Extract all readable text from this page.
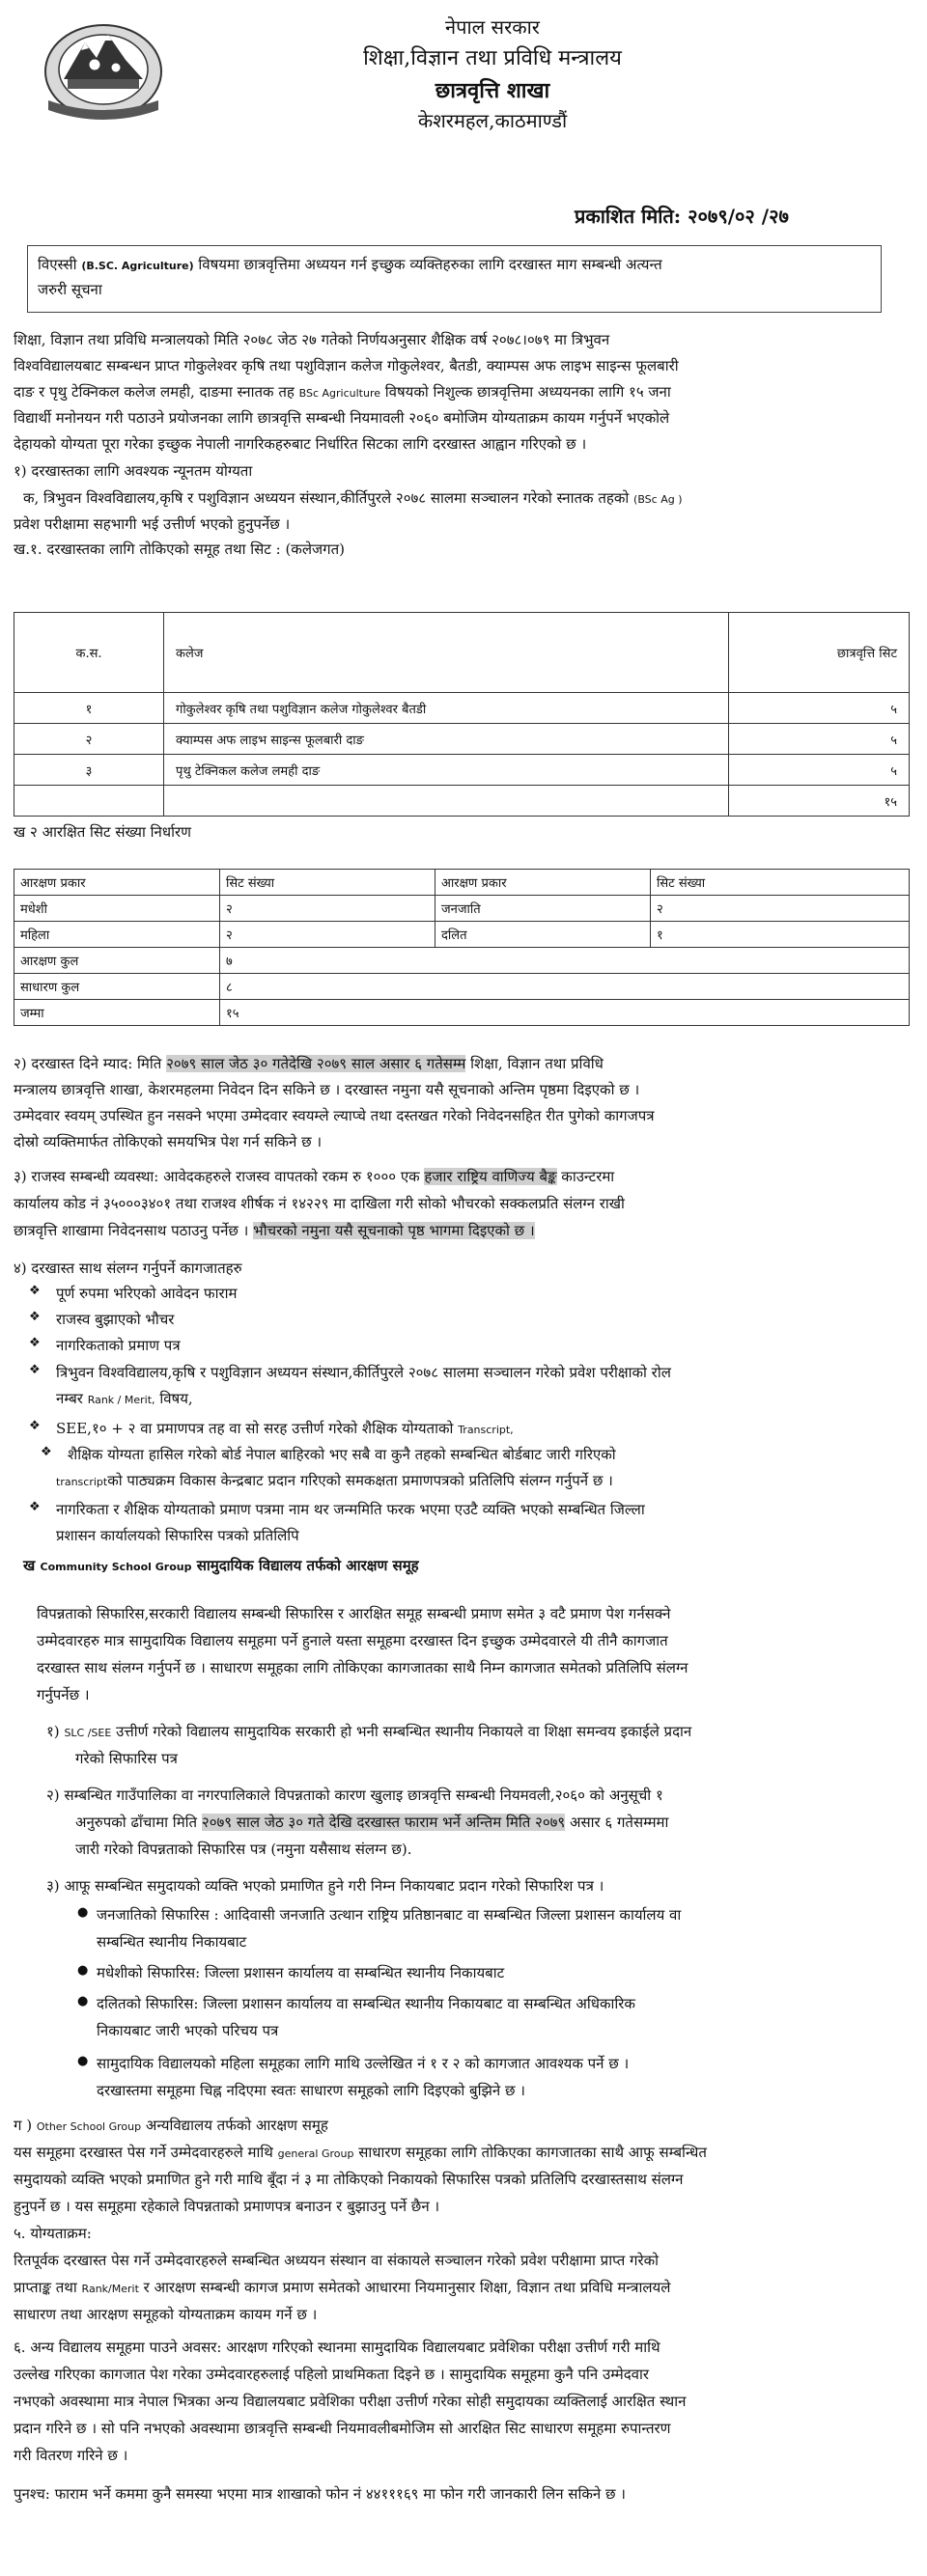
नेपाल सरकार
शिक्षा,विज्ञान तथा प्रविधि मन्त्रालय
छात्रवृत्ति शाखा
केशरमहल,काठमाण्डौं
प्रकाशित मिति: २०७९/०२ /२७
विएस्सी (B.SC. Agriculture) विषयमा छात्रवृत्तिमा अध्ययन गर्न इच्छुक व्यक्तिहरुका लागि दरखास्त माग सम्बन्धी अत्यन्त
जरुरी सूचना
शिक्षा, विज्ञान तथा प्रविधि मन्त्रालयको मिति २०७८ जेठ २७ गतेको निर्णयअनुसार शैक्षिक वर्ष २०७८।०७९ मा त्रिभुवन
विश्वविद्यालयबाट सम्बन्धन प्राप्त गोकुलेश्वर कृषि तथा पशुविज्ञान कलेज गोकुलेश्वर, बैतडी, क्याम्पस अफ लाइभ साइन्स फूलबारी
दाङ र पृथु टेक्निकल कलेज लमही, दाङमा स्नातक तह BSc Agriculture विषयको निशुल्क छात्रवृत्तिमा अध्ययनका लागि १५ जना
विद्यार्थी मनोनयन गरी पठाउने प्रयोजनका लागि छात्रवृत्ति सम्बन्धी नियमावली २०६० बमोजिम योग्यताक्रम कायम गर्नुपर्ने भएकोले
देहायको योग्यता पूरा गरेका इच्छुक नेपाली नागरिकहरुबाट निर्धारित सिटका लागि दरखास्त आह्वान गरिएको छ ।
१) दरखास्तका लागि अवश्यक न्यूनतम योग्यता
क, त्रिभुवन विश्वविद्यालय,कृषि र पशुविज्ञान अध्ययन संस्थान,कीर्तिपुरले २०७८ सालमा सञ्चालन गरेको स्नातक तहको (BSc Ag )
प्रवेश परीक्षामा सहभागी भई उत्तीर्ण भएको हुनुपर्नेछ ।
ख.१. दरखास्तका लागि तोकिएको समूह तथा सिट : (कलेजगत)
क.स.	कलेज	छात्रवृत्ति सिट
१	गोकुलेश्वर कृषि तथा पशुविज्ञान कलेज गोकुलेश्वर बैतडी	५
२	क्याम्पस अफ लाइभ साइन्स फूलबारी दाङ	५
३	पृथु टेक्निकल कलेज लमही दाङ	५
		१५
ख २ आरक्षित सिट संख्या निर्धारण
आरक्षण प्रकार	सिट संख्या	आरक्षण प्रकार	सिट संख्या
मधेशी	२	जनजाति	२
महिला	२	दलित	१
आरक्षण कुल	७		
साधारण कुल	८		
जम्मा	१५		
२) दरखास्त दिने म्याद: मिति २०७९ साल जेठ ३० गतेदेखि २०७९ साल असार ६ गतेसम्म शिक्षा, विज्ञान तथा प्रविधि
मन्त्रालय छात्रवृत्ति शाखा, केशरमहलमा निवेदन दिन सकिने छ । दरखास्त नमुना यसै सूचनाको अन्तिम पृष्ठमा दिइएको छ ।
उम्मेदवार स्वयम् उपस्थित हुन नसक्ने भएमा उम्मेदवार स्वयम्ले ल्याप्चे तथा दस्तखत गरेको निवेदनसहित रीत पुगेको कागजपत्र
दोस्रो व्यक्तिमार्फत तोकिएको समयभित्र पेश गर्न सकिने छ ।
३) राजस्व सम्बन्धी व्यवस्था: आवेदकहरुले राजस्व वापतको रकम रु १००० एक हजार राष्ट्रिय वाणिज्य बैङ्क काउन्टरमा
कार्यालय कोड नं ३५०००३४०१ तथा राजश्व शीर्षक नं १४२२९ मा दाखिला गरी सोको भौचरको सक्कलप्रति संलग्न राखी
छात्रवृत्ति शाखामा निवेदनसाथ पठाउनु पर्नेछ । भौचरको नमुना यसै सूचनाको पृष्ठ भागमा दिइएको छ ।
४) दरखास्त साथ संलग्न गर्नुपर्ने कागजातहरु
❖ पूर्ण रुपमा भरिएको आवेदन फाराम
❖ राजस्व बुझाएको भौचर
❖ नागरिकताको प्रमाण पत्र
❖ त्रिभुवन विश्वविद्यालय,कृषि र पशुविज्ञान अध्ययन संस्थान,कीर्तिपुरले २०७८ सालमा सञ्चालन गरेको प्रवेश परीक्षाको रोल
नम्बर Rank / Merit, विषय,
❖ SEE,१० + २ वा प्रमाणपत्र तह वा सो सरह उत्तीर्ण गरेको शैक्षिक योग्यताको Transcript,
❖ शैक्षिक योग्यता हासिल गरेको बोर्ड नेपाल बाहिरको भए सबै वा कुनै तहको सम्बन्धित बोर्डबाट जारी गरिएको
transcriptको पाठ्यक्रम विकास केन्द्रबाट प्रदान गरिएको समकक्षता प्रमाणपत्रको प्रतिलिपि संलग्न गर्नुपर्ने छ ।
❖ नागरिकता र शैक्षिक योग्यताको प्रमाण पत्रमा नाम थर जन्ममिति फरक भएमा एउटै व्यक्ति भएको सम्बन्धित जिल्ला
प्रशासन कार्यालयको सिफारिस पत्रको प्रतिलिपि
ख Community School Group सामुदायिक विद्यालय तर्फको आरक्षण समूह
विपन्नताको सिफारिस,सरकारी विद्यालय सम्बन्धी सिफारिस र आरक्षित समूह सम्बन्धी प्रमाण समेत ३ वटै प्रमाण पेश गर्नसक्ने
उम्मेदवारहरु मात्र सामुदायिक विद्यालय समूहमा पर्ने हुनाले यस्ता समूहमा दरखास्त दिन इच्छुक उम्मेदवारले यी तीनै कागजात
दरखास्त साथ संलग्न गर्नुपर्ने छ । साधारण समूहका लागि तोकिएका कागजातका साथै निम्न कागजात समेतको प्रतिलिपि संलग्न
गर्नुपर्नेछ ।
१) SLC /SEE उत्तीर्ण गरेको विद्यालय सामुदायिक सरकारी हो भनी सम्बन्धित स्थानीय निकायले वा शिक्षा समन्वय इकाईले प्रदान
गरेको सिफारिस पत्र
२) सम्बन्धित गाउँपालिका वा नगरपालिकाले विपन्नताको कारण खुलाइ छात्रवृत्ति सम्बन्धी नियमवली,२०६० को अनुसूची १
अनुरुपको ढाँचामा मिति २०७९ साल जेठ ३० गते देखि दरखास्त फाराम भर्ने अन्तिम मिति २०७९ असार ६ गतेसम्ममा
जारी गरेको विपन्नताको सिफारिस पत्र (नमुना यसैसाथ संलग्न छ).
३) आफू सम्बन्धित समुदायको व्यक्ति भएको प्रमाणित हुने गरी निम्न निकायबाट प्रदान गरेको सिफारिश पत्र ।
● जनजातिको सिफारिस : आदिवासी जनजाति उत्थान राष्ट्रिय प्रतिष्ठानबाट वा सम्बन्धित जिल्ला प्रशासन कार्यालय वा
सम्बन्धित स्थानीय निकायबाट
● मधेशीको सिफारिस: जिल्ला प्रशासन कार्यालय वा सम्बन्धित स्थानीय निकायबाट
● दलितको सिफारिस: जिल्ला प्रशासन कार्यालय वा सम्बन्धित स्थानीय निकायबाट वा सम्बन्धित अधिकारिक
निकायबाट जारी भएको परिचय पत्र
● सामुदायिक विद्यालयको महिला समूहका लागि माथि उल्लेखित नं १ र २ को कागजात आवश्यक पर्ने छ ।
दरखास्तमा समूहमा चिह्न नदिएमा स्वतः साधारण समूहको लागि दिइएको बुझिने छ ।
ग ) Other School Group अन्यविद्यालय तर्फको आरक्षण समूह
यस समूहमा दरखास्त पेस गर्ने उम्मेदवारहरुले माथि general Group साधारण समूहका लागि तोकिएका कागजातका साथै आफू सम्बन्धित
समुदायको व्यक्ति भएको प्रमाणित हुने गरी माथि बूँदा नं ३ मा तोकिएको निकायको सिफारिस पत्रको प्रतिलिपि दरखास्तसाथ संलग्न
हुनुपर्ने छ । यस समूहमा रहेकाले विपन्नताको प्रमाणपत्र बनाउन र बुझाउनु पर्ने छैन ।
५. योग्यताक्रम:
रितपूर्वक दरखास्त पेस गर्ने उम्मेदवारहरुले सम्बन्धित अध्ययन संस्थान वा संकायले सञ्चालन गरेको प्रवेश परीक्षामा प्राप्त गरेको
प्राप्ताङ्क तथा Rank/Merit र आरक्षण सम्बन्धी कागज प्रमाण समेतको आधारमा नियमानुसार शिक्षा, विज्ञान तथा प्रविधि मन्त्रालयले
साधारण तथा आरक्षण समूहको योग्यताक्रम कायम गर्ने छ ।
६. अन्य विद्यालय समूहमा पाउने अवसर: आरक्षण गरिएको स्थानमा सामुदायिक विद्यालयबाट प्रवेशिका परीक्षा उत्तीर्ण गरी माथि
उल्लेख गरिएका कागजात पेश गरेका उम्मेदवारहरुलाई पहिलो प्राथमिकता दिइने छ । सामुदायिक समूहमा कुनै पनि उम्मेदवार
नभएको अवस्थामा मात्र नेपाल भित्रका अन्य विद्यालयबाट प्रवेशिका परीक्षा उत्तीर्ण गरेका सोही समुदायका व्यक्तिलाई आरक्षित स्थान
प्रदान गरिने छ । सो पनि नभएको अवस्थामा छात्रवृत्ति सम्बन्धी नियमावलीबमोजिम सो आरक्षित सिट साधारण समूहमा रुपान्तरण
गरी वितरण गरिने छ ।
पुनश्च: फाराम भर्ने कममा कुनै समस्या भएमा मात्र शाखाको फोन नं ४४१११६९ मा फोन गरी जानकारी लिन सकिने छ ।
